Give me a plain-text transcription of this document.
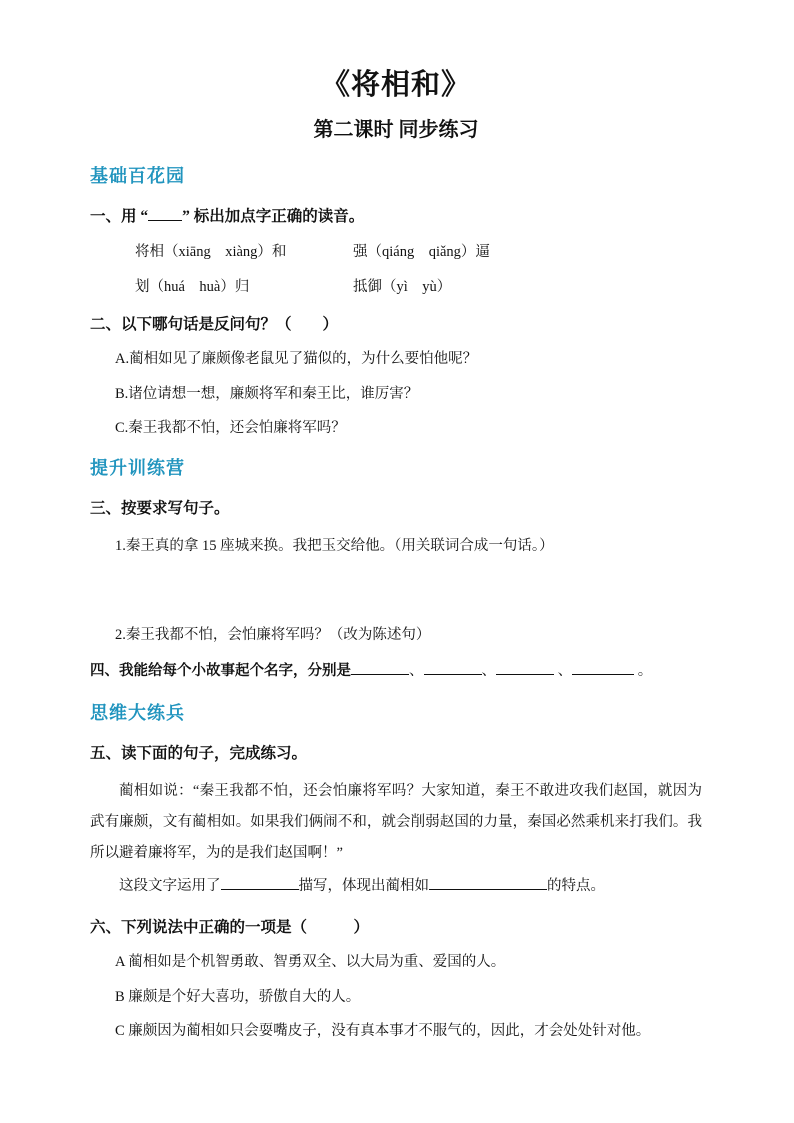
《将相和》
第二课时 同步练习
基础百花园
一、用 “ ” 标出加点字正确的读音。
将相（xiāng　xiàng）和	强（qiáng　qiǎng）逼
划（huá　huà）归	抵御（yì　yù）
二、以下哪句话是反问句？（　　）
A.蔺相如见了廉颇像老鼠见了猫似的，为什么要怕他呢？
B.诸位请想一想，廉颇将军和秦王比，谁厉害？
C.秦王我都不怕，还会怕廉将军吗？
提升训练营
三、按要求写句子。
1.秦王真的拿 15 座城来换。我把玉交给他。（用关联词合成一句话。）
2.秦王我都不怕，会怕廉将军吗？（改为陈述句）
四、我能给每个小故事起个名字，分别是	、	、	、	。
思维大练兵
五、读下面的句子，完成练习。
蔺相如说：“秦王我都不怕，还会怕廉将军吗？大家知道，秦王不敢进攻我们赵国，就因为武有廉颇，文有蔺相如。如果我们俩闹不和，就会削弱赵国的力量，秦国必然乘机来打我们。我所以避着廉将军，为的是我们赵国啊！”
这段文字运用了	描写，体现出蔺相如	的特点。
六、下列说法中正确的一项是（　　　）
A 蔺相如是个机智勇敢、智勇双全、以大局为重、爱国的人。
B 廉颇是个好大喜功，骄傲自大的人。
C 廉颇因为蔺相如只会耍嘴皮子，没有真本事才不服气的，因此，才会处处针对他。
